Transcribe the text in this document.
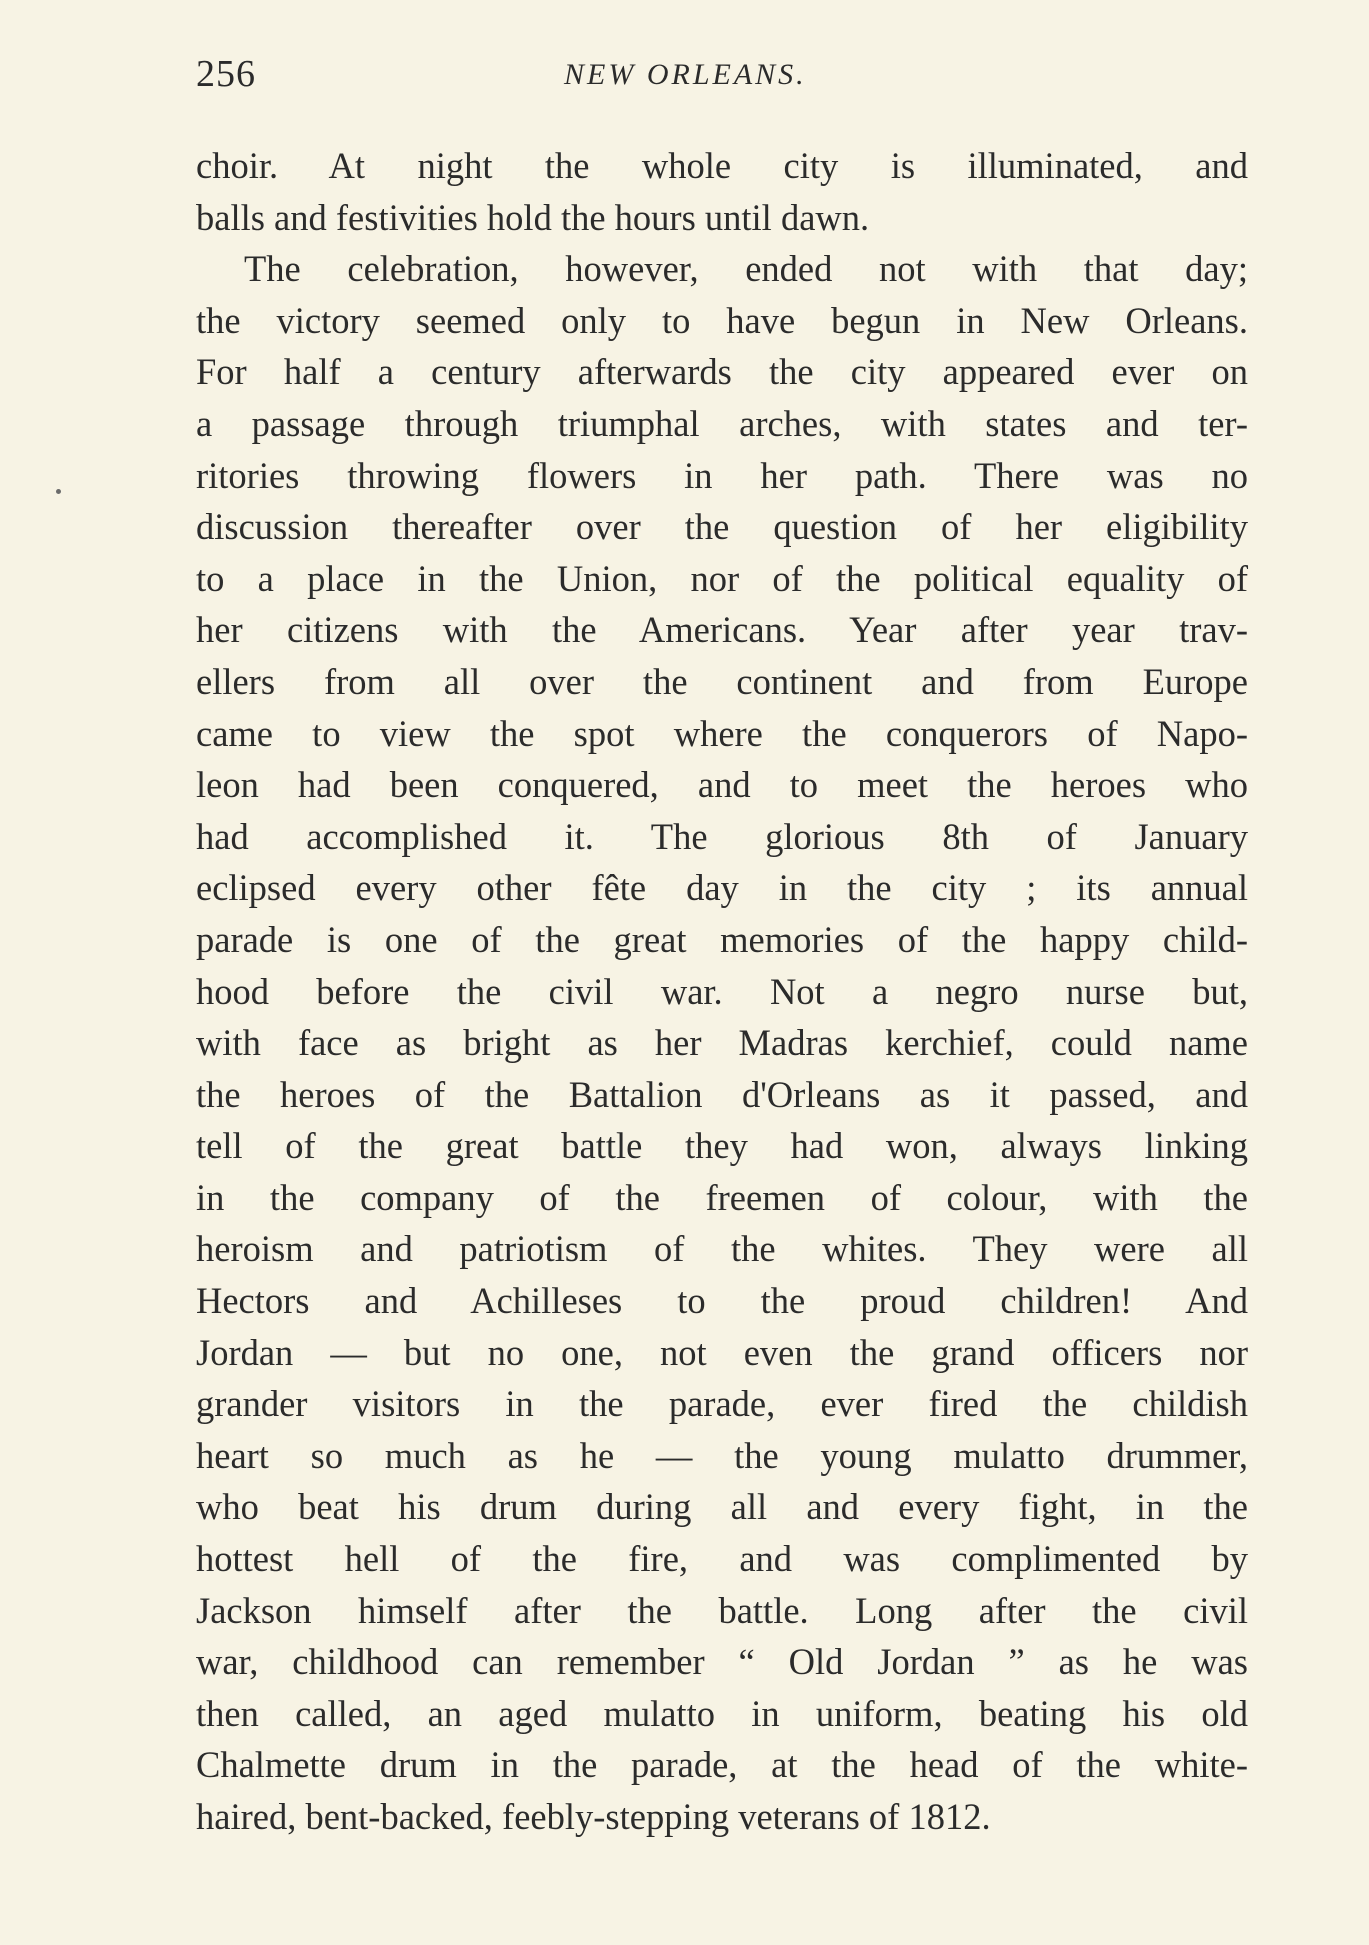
256	NEW ORLEANS.
choir. At night the whole city is illuminated, and
balls and festivities hold the hours until dawn.
The celebration, however, ended not with that day;
the victory seemed only to have begun in New Orleans.
For half a century afterwards the city appeared ever on
a passage through triumphal arches, with states and ter-
ritories throwing flowers in her path. There was no
discussion thereafter over the question of her eligibility
to a place in the Union, nor of the political equality of
her citizens with the Americans. Year after year trav-
ellers from all over the continent and from Europe
came to view the spot where the conquerors of Napo-
leon had been conquered, and to meet the heroes who
had accomplished it. The glorious 8th of January
eclipsed every other fête day in the city ; its annual
parade is one of the great memories of the happy child-
hood before the civil war. Not a negro nurse but,
with face as bright as her Madras kerchief, could name
the heroes of the Battalion d'Orleans as it passed, and
tell of the great battle they had won, always linking
in the company of the freemen of colour, with the
heroism and patriotism of the whites. They were all
Hectors and Achilleses to the proud children! And
Jordan — but no one, not even the grand officers nor
grander visitors in the parade, ever fired the childish
heart so much as he — the young mulatto drummer,
who beat his drum during all and every fight, in the
hottest hell of the fire, and was complimented by
Jackson himself after the battle. Long after the civil
war, childhood can remember “ Old Jordan ” as he was
then called, an aged mulatto in uniform, beating his old
Chalmette drum in the parade, at the head of the white-
haired, bent-backed, feebly-stepping veterans of 1812.
